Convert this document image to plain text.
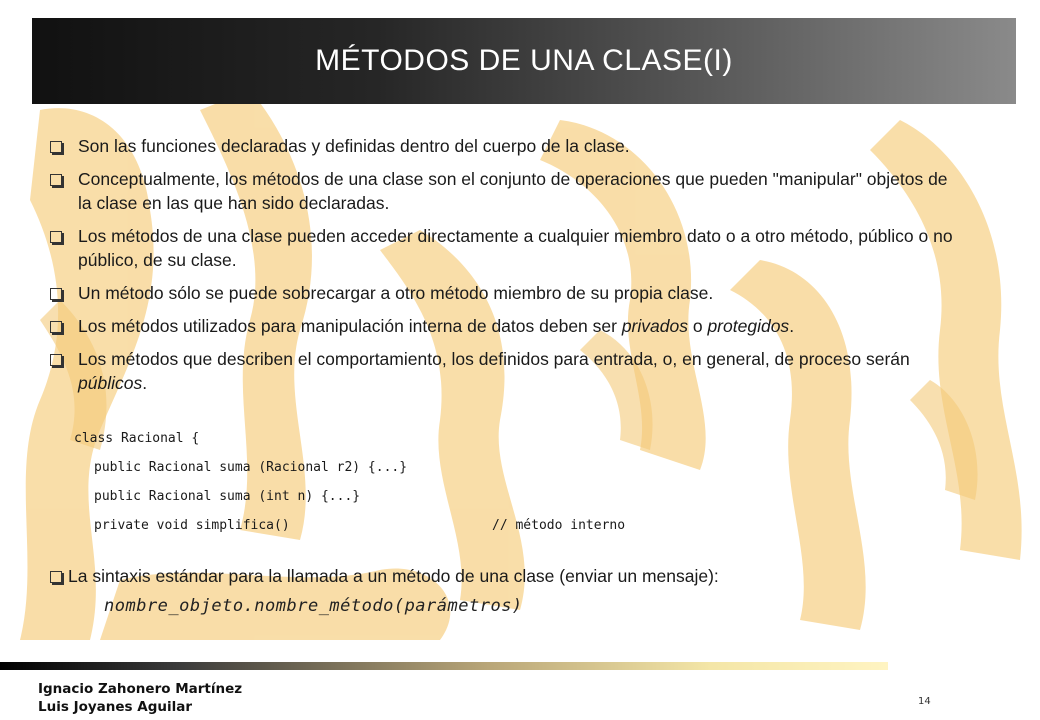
MÉTODOS DE UNA CLASE(I)
Son las funciones declaradas y definidas dentro del cuerpo de la clase.
Conceptualmente, los métodos de una clase son el conjunto de operaciones que pueden "manipular" objetos de la clase en las que han sido declaradas.
Los métodos de una clase pueden acceder directamente a cualquier miembro dato o a otro método, público o no público, de su clase.
Un método sólo se puede sobrecargar a otro método miembro de su propia clase.
Los métodos utilizados para manipulación interna de datos deben ser privados o protegidos.
Los métodos que describen el comportamiento, los definidos para entrada, o, en general, de proceso serán públicos.
class Racional {
public Racional suma (Racional r2) {...}
public Racional suma (int n) {...}
private void simplifica()	// método interno
La sintaxis estándar para la llamada a un método de una clase (enviar un mensaje):
nombre_objeto.nombre_método(parámetros)
Ignacio Zahonero Martínez
Luis Joyanes Aguilar	14
